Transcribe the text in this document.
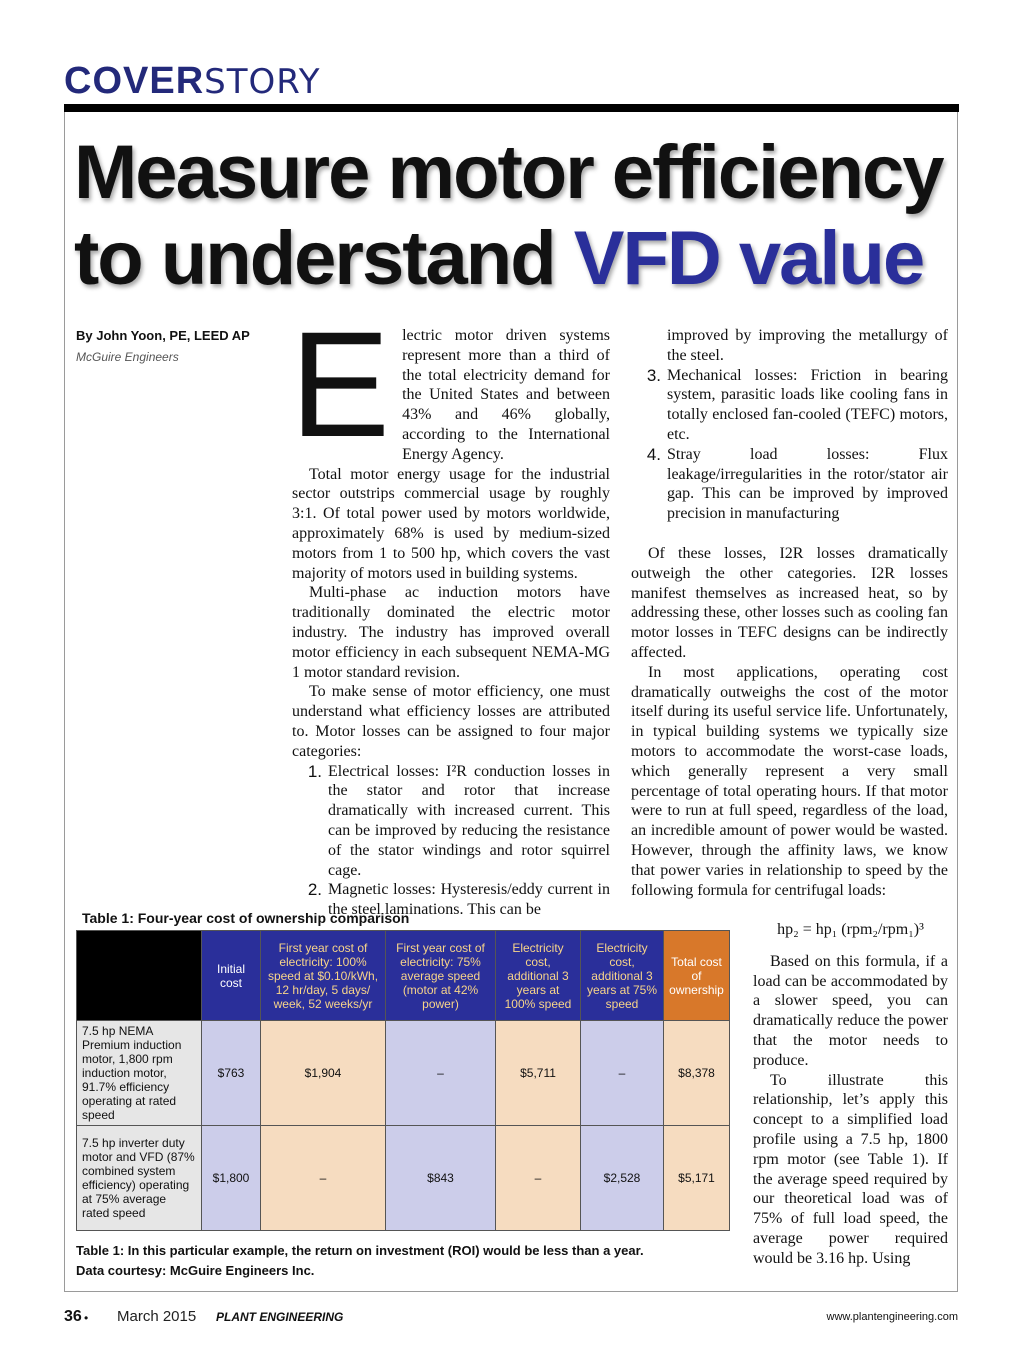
COVERSTORY
Measure motor efficiency
to understand VFD value
By John Yoon, PE, LEED AP
McGuire Engineers E lectric motor driven systems represent more than a third of the total electricity demand for the United States and between 43% and 46% globally, according to the International Energy Agency.

Total motor energy usage for the industrial sector outstrips commercial usage by roughly 3:1. Of total power used by motors worldwide, approximately 68% is used by medium-sized motors from 1 to 500 hp, which covers the vast majority of motors used in building systems.

Multi-phase ac induction motors have traditionally dominated the electric motor industry. The industry has improved overall motor efficiency in each subsequent NEMA-MG 1 motor standard revision.

To make sense of motor efficiency, one must understand what efficiency losses are attributed to. Motor losses can be assigned to four major categories:

1. Electrical losses: I²R conduction losses in the stator and rotor that increase dramatically with increased current. This can be improved by reducing the resistance of the stator windings and rotor squirrel cage.
2. Magnetic losses: Hysteresis/eddy current in the steel laminations. This can be
improved by improving the metallurgy of the steel.
3. Mechanical losses: Friction in bearing system, parasitic loads like cooling fans in totally enclosed fan-cooled (TEFC) motors, etc.
4. Stray load losses: Flux leakage/irregularities in the rotor/stator air gap. This can be improved by improved precision in manufacturing

Of these losses, I2R losses dramatically outweigh the other categories. I2R losses manifest themselves as increased heat, so by addressing these, other losses such as cooling fan motor losses in TEFC designs can be indirectly affected.

In most applications, operating cost dramatically outweighs the cost of the motor itself during its useful service life. Unfortunately, in typical building systems we typically size motors to accommodate the worst-case loads, which generally represent a very small percentage of total operating hours. If that motor were to run at full speed, regardless of the load, an incredible amount of power would be wasted. However, through the affinity laws, we know that power varies in relationship to speed by the following formula for centrifugal loads:

hp₂ = hp₁ (rpm₂/rpm₁)³

Based on this formula, if a load can be accommodated by a slower speed, you can dramatically reduce the power that the motor needs to produce.

To illustrate this relationship, let’s apply this concept to a simplified load profile using a 7.5 hp, 1800 rpm motor (see Table 1). If the average speed required by our theoretical load was of 75% of full load speed, the average power required would be 3.16 hp. Using

Table 1: Four-year cost of ownership comparison
	Initial cost	First year cost of electricity: 100% speed at $0.10/kWh, 12 hr/day, 5 days/ week, 52 weeks/yr	First year cost of electricity: 75% average speed (motor at 42% power)	Electricity cost, additional 3 years at 100% speed	Electricity cost, additional 3 years at 75% speed	Total cost of ownership
7.5 hp NEMA Premium induction motor, 1,800 rpm induction motor, 91.7% efficiency operating at rated speed	$763	$1,904	–	$5,711	–	$8,378
7.5 hp inverter duty motor and VFD (87% combined system efficiency) operating at 75% average rated speed	$1,800	–	$843	–	$2,528	$5,171
Table 1: In this particular example, the return on investment (ROI) would be less than a year.
Data courtesy: McGuire Engineers Inc.
36 • March 2015 PLANT ENGINEERING	www.plantengineering.com
